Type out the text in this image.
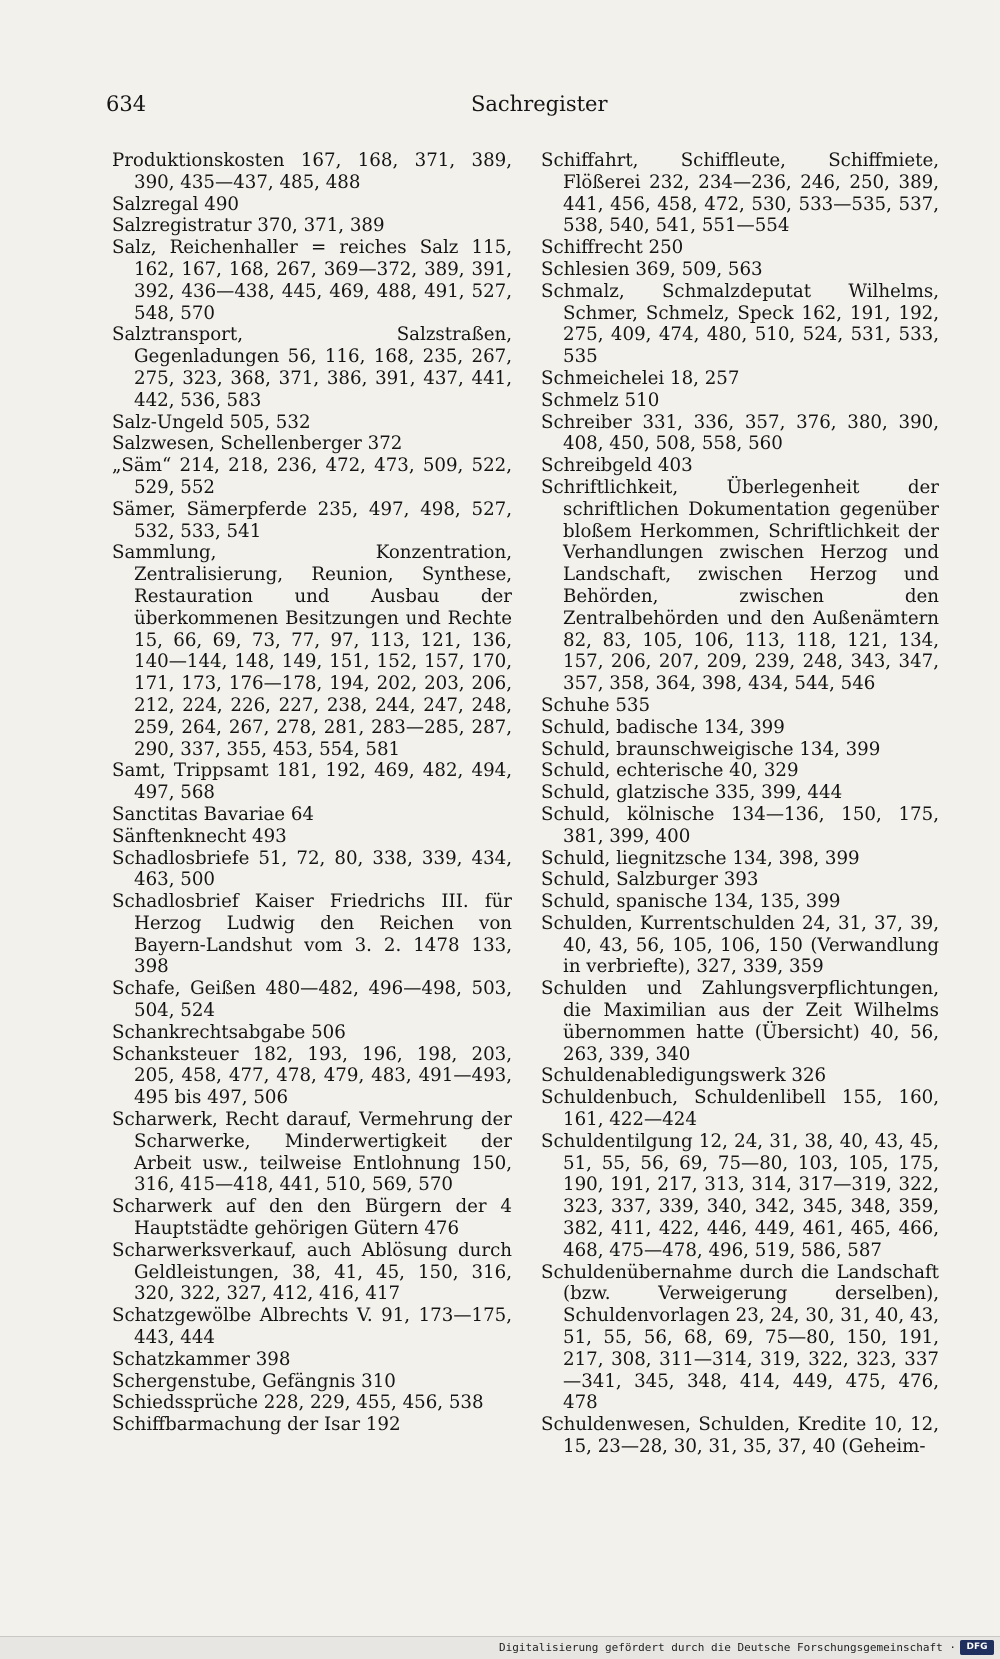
634	Sachregister

Produktionskosten 167, 168, 371, 389, 390, 435—437, 485, 488

Salzregal 490

Salzregistratur 370, 371, 389

Salz, Reichenhaller = reiches Salz 115, 162, 167, 168, 267, 369—372, 389, 391, 392, 436—438, 445, 469, 488, 491, 527, 548, 570

Salztransport, Salzstraßen, Gegenladungen 56, 116, 168, 235, 267, 275, 323, 368, 371, 386, 391, 437, 441, 442, 536, 583

Salz-Ungeld 505, 532

Salzwesen, Schellenberger 372

„Säm“ 214, 218, 236, 472, 473, 509, 522, 529, 552

Sämer, Sämerpferde 235, 497, 498, 527, 532, 533, 541

Sammlung, Konzentration, Zentralisierung, Reunion, Synthese, Restauration und Ausbau der überkommenen Besitzungen und Rechte 15, 66, 69, 73, 77, 97, 113, 121, 136, 140—144, 148, 149, 151, 152, 157, 170, 171, 173, 176—178, 194, 202, 203, 206, 212, 224, 226, 227, 238, 244, 247, 248, 259, 264, 267, 278, 281, 283—285, 287, 290, 337, 355, 453, 554, 581

Samt, Trippsamt 181, 192, 469, 482, 494, 497, 568

Sanctitas Bavariae 64

Sänftenknecht 493

Schadlosbriefe 51, 72, 80, 338, 339, 434, 463, 500

Schadlosbrief Kaiser Friedrichs III. für Herzog Ludwig den Reichen von Bayern-Landshut vom 3. 2. 1478 133, 398

Schafe, Geißen 480—482, 496—498, 503, 504, 524

Schankrechtsabgabe 506

Schanksteuer 182, 193, 196, 198, 203, 205, 458, 477, 478, 479, 483, 491—493, 495 bis 497, 506

Scharwerk, Recht darauf, Vermehrung der Scharwerke, Minderwertigkeit der Arbeit usw., teilweise Entlohnung 150, 316, 415—418, 441, 510, 569, 570

Scharwerk auf den den Bürgern der 4 Hauptstädte gehörigen Gütern 476

Scharwerksverkauf, auch Ablösung durch Geldleistungen, 38, 41, 45, 150, 316, 320, 322, 327, 412, 416, 417

Schatzgewölbe Albrechts V. 91, 173—175, 443, 444

Schatzkammer 398

Schergenstube, Gefängnis 310

Schiedssprüche 228, 229, 455, 456, 538

Schiffbarmachung der Isar 192

Schiffahrt, Schiffleute, Schiffmiete, Flößerei 232, 234—236, 246, 250, 389, 441, 456, 458, 472, 530, 533—535, 537, 538, 540, 541, 551—554

Schiffrecht 250

Schlesien 369, 509, 563

Schmalz, Schmalzdeputat Wilhelms, Schmer, Schmelz, Speck 162, 191, 192, 275, 409, 474, 480, 510, 524, 531, 533, 535

Schmeichelei 18, 257

Schmelz 510

Schreiber 331, 336, 357, 376, 380, 390, 408, 450, 508, 558, 560

Schreibgeld 403

Schriftlichkeit, Überlegenheit der schriftlichen Dokumentation gegenüber bloßem Herkommen, Schriftlichkeit der Verhandlungen zwischen Herzog und Landschaft, zwischen Herzog und Behörden, zwischen den Zentralbehörden und den Außenämtern 82, 83, 105, 106, 113, 118, 121, 134, 157, 206, 207, 209, 239, 248, 343, 347, 357, 358, 364, 398, 434, 544, 546

Schuhe 535

Schuld, badische 134, 399

Schuld, braunschweigische 134, 399

Schuld, echterische 40, 329

Schuld, glatzische 335, 399, 444

Schuld, kölnische 134—136, 150, 175, 381, 399, 400

Schuld, liegnitzsche 134, 398, 399

Schuld, Salzburger 393

Schuld, spanische 134, 135, 399

Schulden, Kurrentschulden 24, 31, 37, 39, 40, 43, 56, 105, 106, 150 (Verwandlung in verbriefte), 327, 339, 359

Schulden und Zahlungsverpflichtungen, die Maximilian aus der Zeit Wilhelms übernommen hatte (Übersicht) 40, 56, 263, 339, 340

Schuldenabledigungswerk 326

Schuldenbuch, Schuldenlibell 155, 160, 161, 422—424

Schuldentilgung 12, 24, 31, 38, 40, 43, 45, 51, 55, 56, 69, 75—80, 103, 105, 175, 190, 191, 217, 313, 314, 317—319, 322, 323, 337, 339, 340, 342, 345, 348, 359, 382, 411, 422, 446, 449, 461, 465, 466, 468, 475—478, 496, 519, 586, 587

Schuldenübernahme durch die Landschaft (bzw. Verweigerung derselben), Schuldenvorlagen 23, 24, 30, 31, 40, 43, 51, 55, 56, 68, 69, 75—80, 150, 191, 217, 308, 311—314, 319, 322, 323, 337—341, 345, 348, 414, 449, 475, 476, 478

Schuldenwesen, Schulden, Kredite 10, 12, 15, 23—28, 30, 31, 35, 37, 40 (Geheim-

Digitalisierung gefördert durch die Deutsche Forschungsgemeinschaft ·	DFG
